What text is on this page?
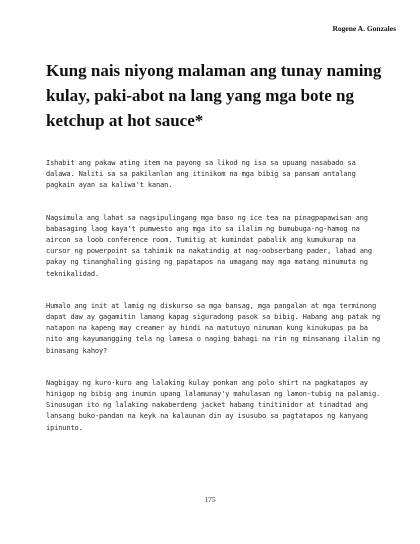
Rogene A. Gonzales
Kung nais niyong malaman ang tunay naming kulay, paki-abot na lang yang mga bote ng ketchup at hot sauce*

Ishabit ang pakaw ating item na payong sa likod ng isa sa upuang nasabado sa dalawa. Naliti sa sa pakilanlan ang itinikom na mga bibig sa pansam antalang pagkain ayan sa kaliwa't kanan.

Nagsimula ang lahat sa nagsipulingang mga baso ng ice tea na pinagpapawisan ang babasaging laog kaya't pumwesto ang mga ito sa ilalim ng bumubuga-ng-hamog na aircon sa loob conference room. Tumitig at kumindat pabalik ang kumukurap na cursor ng powerpoint sa tahimik na nakatindig at nag-oobserbang pader, lahad ang pakay ng tinanghaling gising ng papatapos na umagang may mga matang minumuta ng teknikalidad.

Humalo ang init at lamig ng diskurso sa mga bansag, mga pangalan at mga terminong dapat daw ay gagamitin lamang kapag siguradong pasok sa bibig. Habang ang patak ng natapon na kapeng may creamer ay hindi na matutuyo ninuman kung kinukupas pa ba nito ang kayumangging tela ng lamesa o naging bahagi na rin ng minsanang ilalim ng binasang kahoy?

Nagbigay ng kuro-kuro ang lalaking kulay ponkan ang polo shirt na pagkatapos ay hinigop ng bibig ang inumin upang lalamunay'y mahulasan ng lamon-tubig na palamig. Sinusugan ito ng lalaking nakaberdeng jacket habang tinitinidor at tinadtad ang lansang buko-pandan na keyk na kalaunan din ay isusubo sa pagtatapos ng kanyang ipinunto.

175
